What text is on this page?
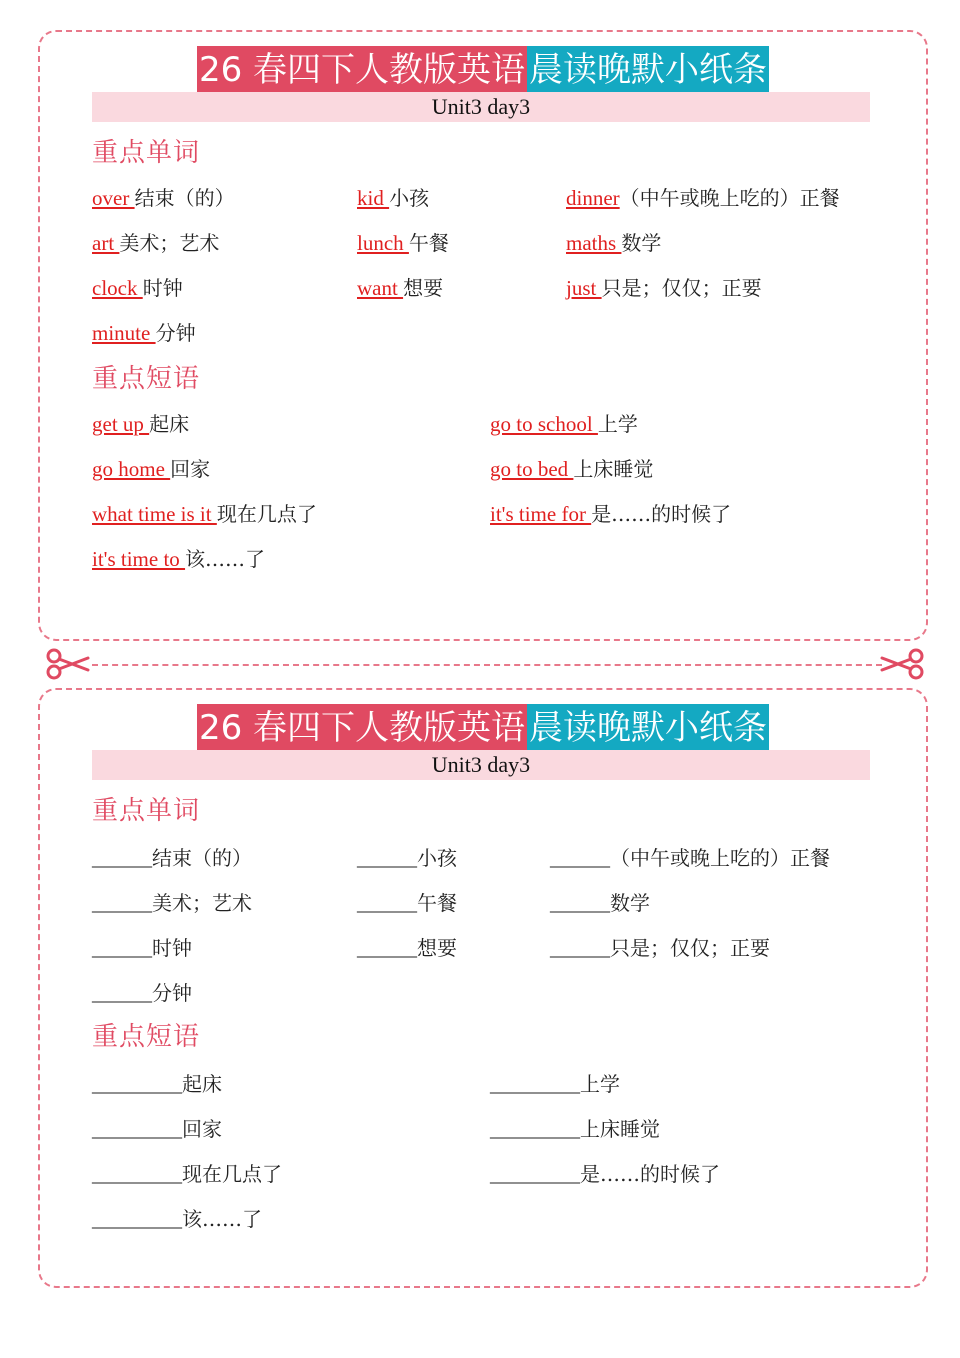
26 春四下人教版英语 晨读晚默小纸条
Unit3 day3
重点单词
over 结束（的）	kid 小孩	dinner（中午或晚上吃的）正餐
art 美术；艺术	lunch 午餐	maths 数学
clock 时钟	want 想要	just 只是；仅仅；正要
minute 分钟
重点短语
get up 起床	go to school 上学
go home 回家	go to bed 上床睡觉
what time is it 现在几点了	it's time for 是……的时候了
it's time to 该……了
26 春四下人教版英语 晨读晚默小纸条
Unit3 day3
重点单词
______结束（的）	______小孩	______（中午或晚上吃的）正餐
______美术；艺术	______午餐	______数学
______时钟	______想要	______只是；仅仅；正要
______分钟
重点短语
_________起床	_________上学
_________回家	_________上床睡觉
_________现在几点了	_________是……的时候了
_________该……了
